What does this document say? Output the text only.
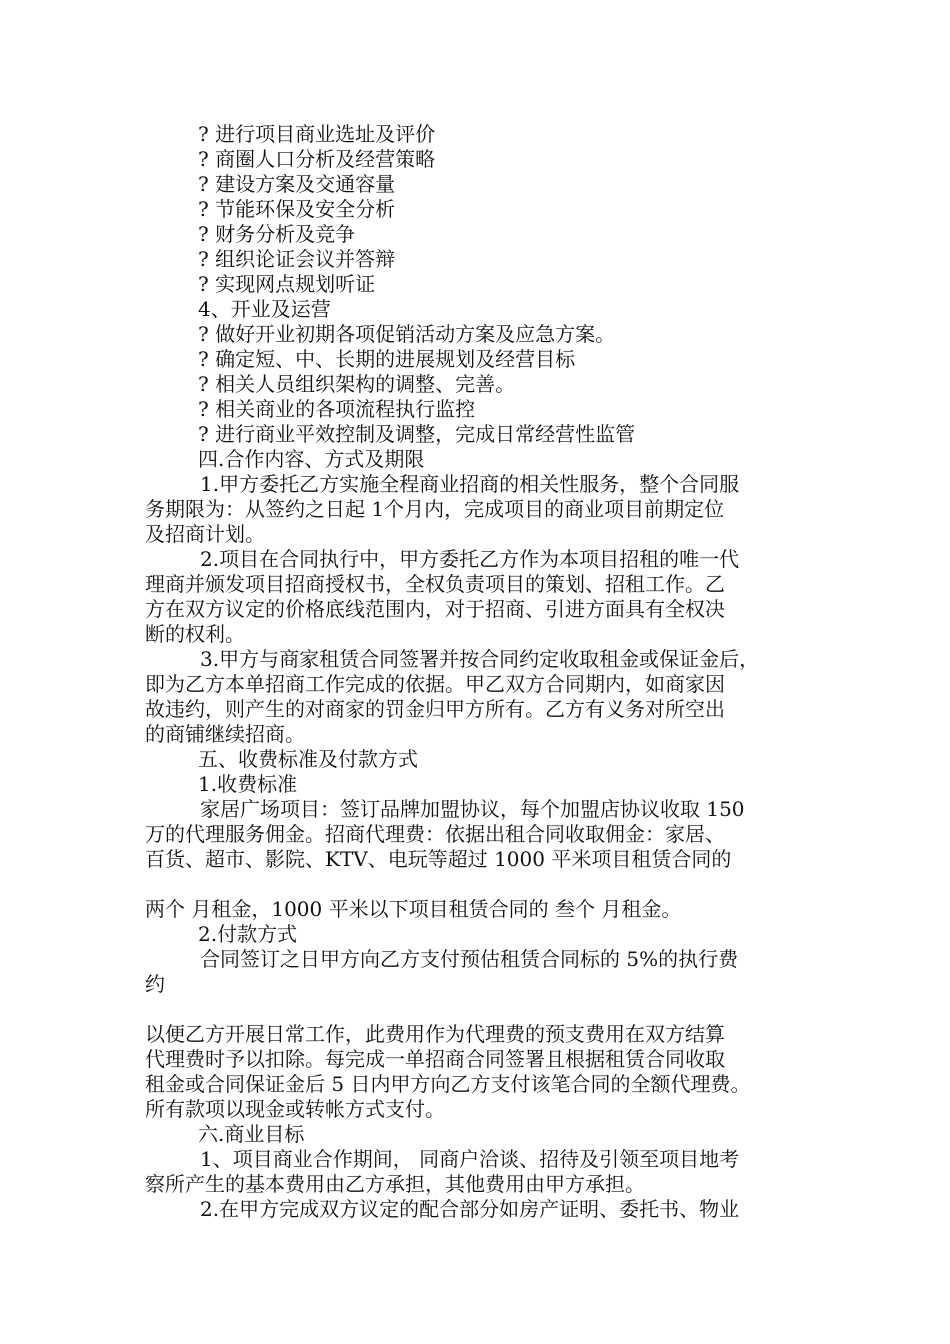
? 进行项目商业选址及评价
? 商圈人口分析及经营策略
? 建设方案及交通容量
? 节能环保及安全分析
? 财务分析及竞争
? 组织论证会议并答辩
? 实现网点规划听证
4、开业及运营
? 做好开业初期各项促销活动方案及应急方案。
? 确定短、中、长期的进展规划及经营目标
? 相关人员组织架构的调整、完善。
? 相关商业的各项流程执行监控
? 进行商业平效控制及调整，完成日常经营性监管
四.合作内容、方式及期限
1.甲方委托乙方实施全程商业招商的相关性服务，整个合同服
务期限为：从签约之日起 1个月内，完成项目的商业项目前期定位
及招商计划。
2.项目在合同执行中，甲方委托乙方作为本项目招租的唯一代
理商并颁发项目招商授权书，全权负责项目的策划、招租工作。乙
方在双方议定的价格底线范围内，对于招商、引进方面具有全权决
断的权利。
3.甲方与商家租赁合同签署并按合同约定收取租金或保证金后，
即为乙方本单招商工作完成的依据。甲乙双方合同期内，如商家因
故违约，则产生的对商家的罚金归甲方所有。乙方有义务对所空出
的商铺继续招商。
五、收费标准及付款方式
1.收费标准
家居广场项目：签订品牌加盟协议，每个加盟店协议收取 150
万的代理服务佣金。招商代理费：依据出租合同收取佣金：家居、
百货、超市、影院、KTV、电玩等超过 1000 平米项目租赁合同的
两个 月租金，1000 平米以下项目租赁合同的 叁个 月租金。
2.付款方式
合同签订之日甲方向乙方支付预估租赁合同标的 5%的执行费
约
以便乙方开展日常工作，此费用作为代理费的预支费用在双方结算
代理费时予以扣除。每完成一单招商合同签署且根据租赁合同收取
租金或合同保证金后 5 日内甲方向乙方支付该笔合同的全额代理费。
所有款项以现金或转帐方式支付。
六.商业目标
1、项目商业合作期间， 同商户洽谈、招待及引领至项目地考
察所产生的基本费用由乙方承担，其他费用由甲方承担。
2.在甲方完成双方议定的配合部分如房产证明、委托书、物业
